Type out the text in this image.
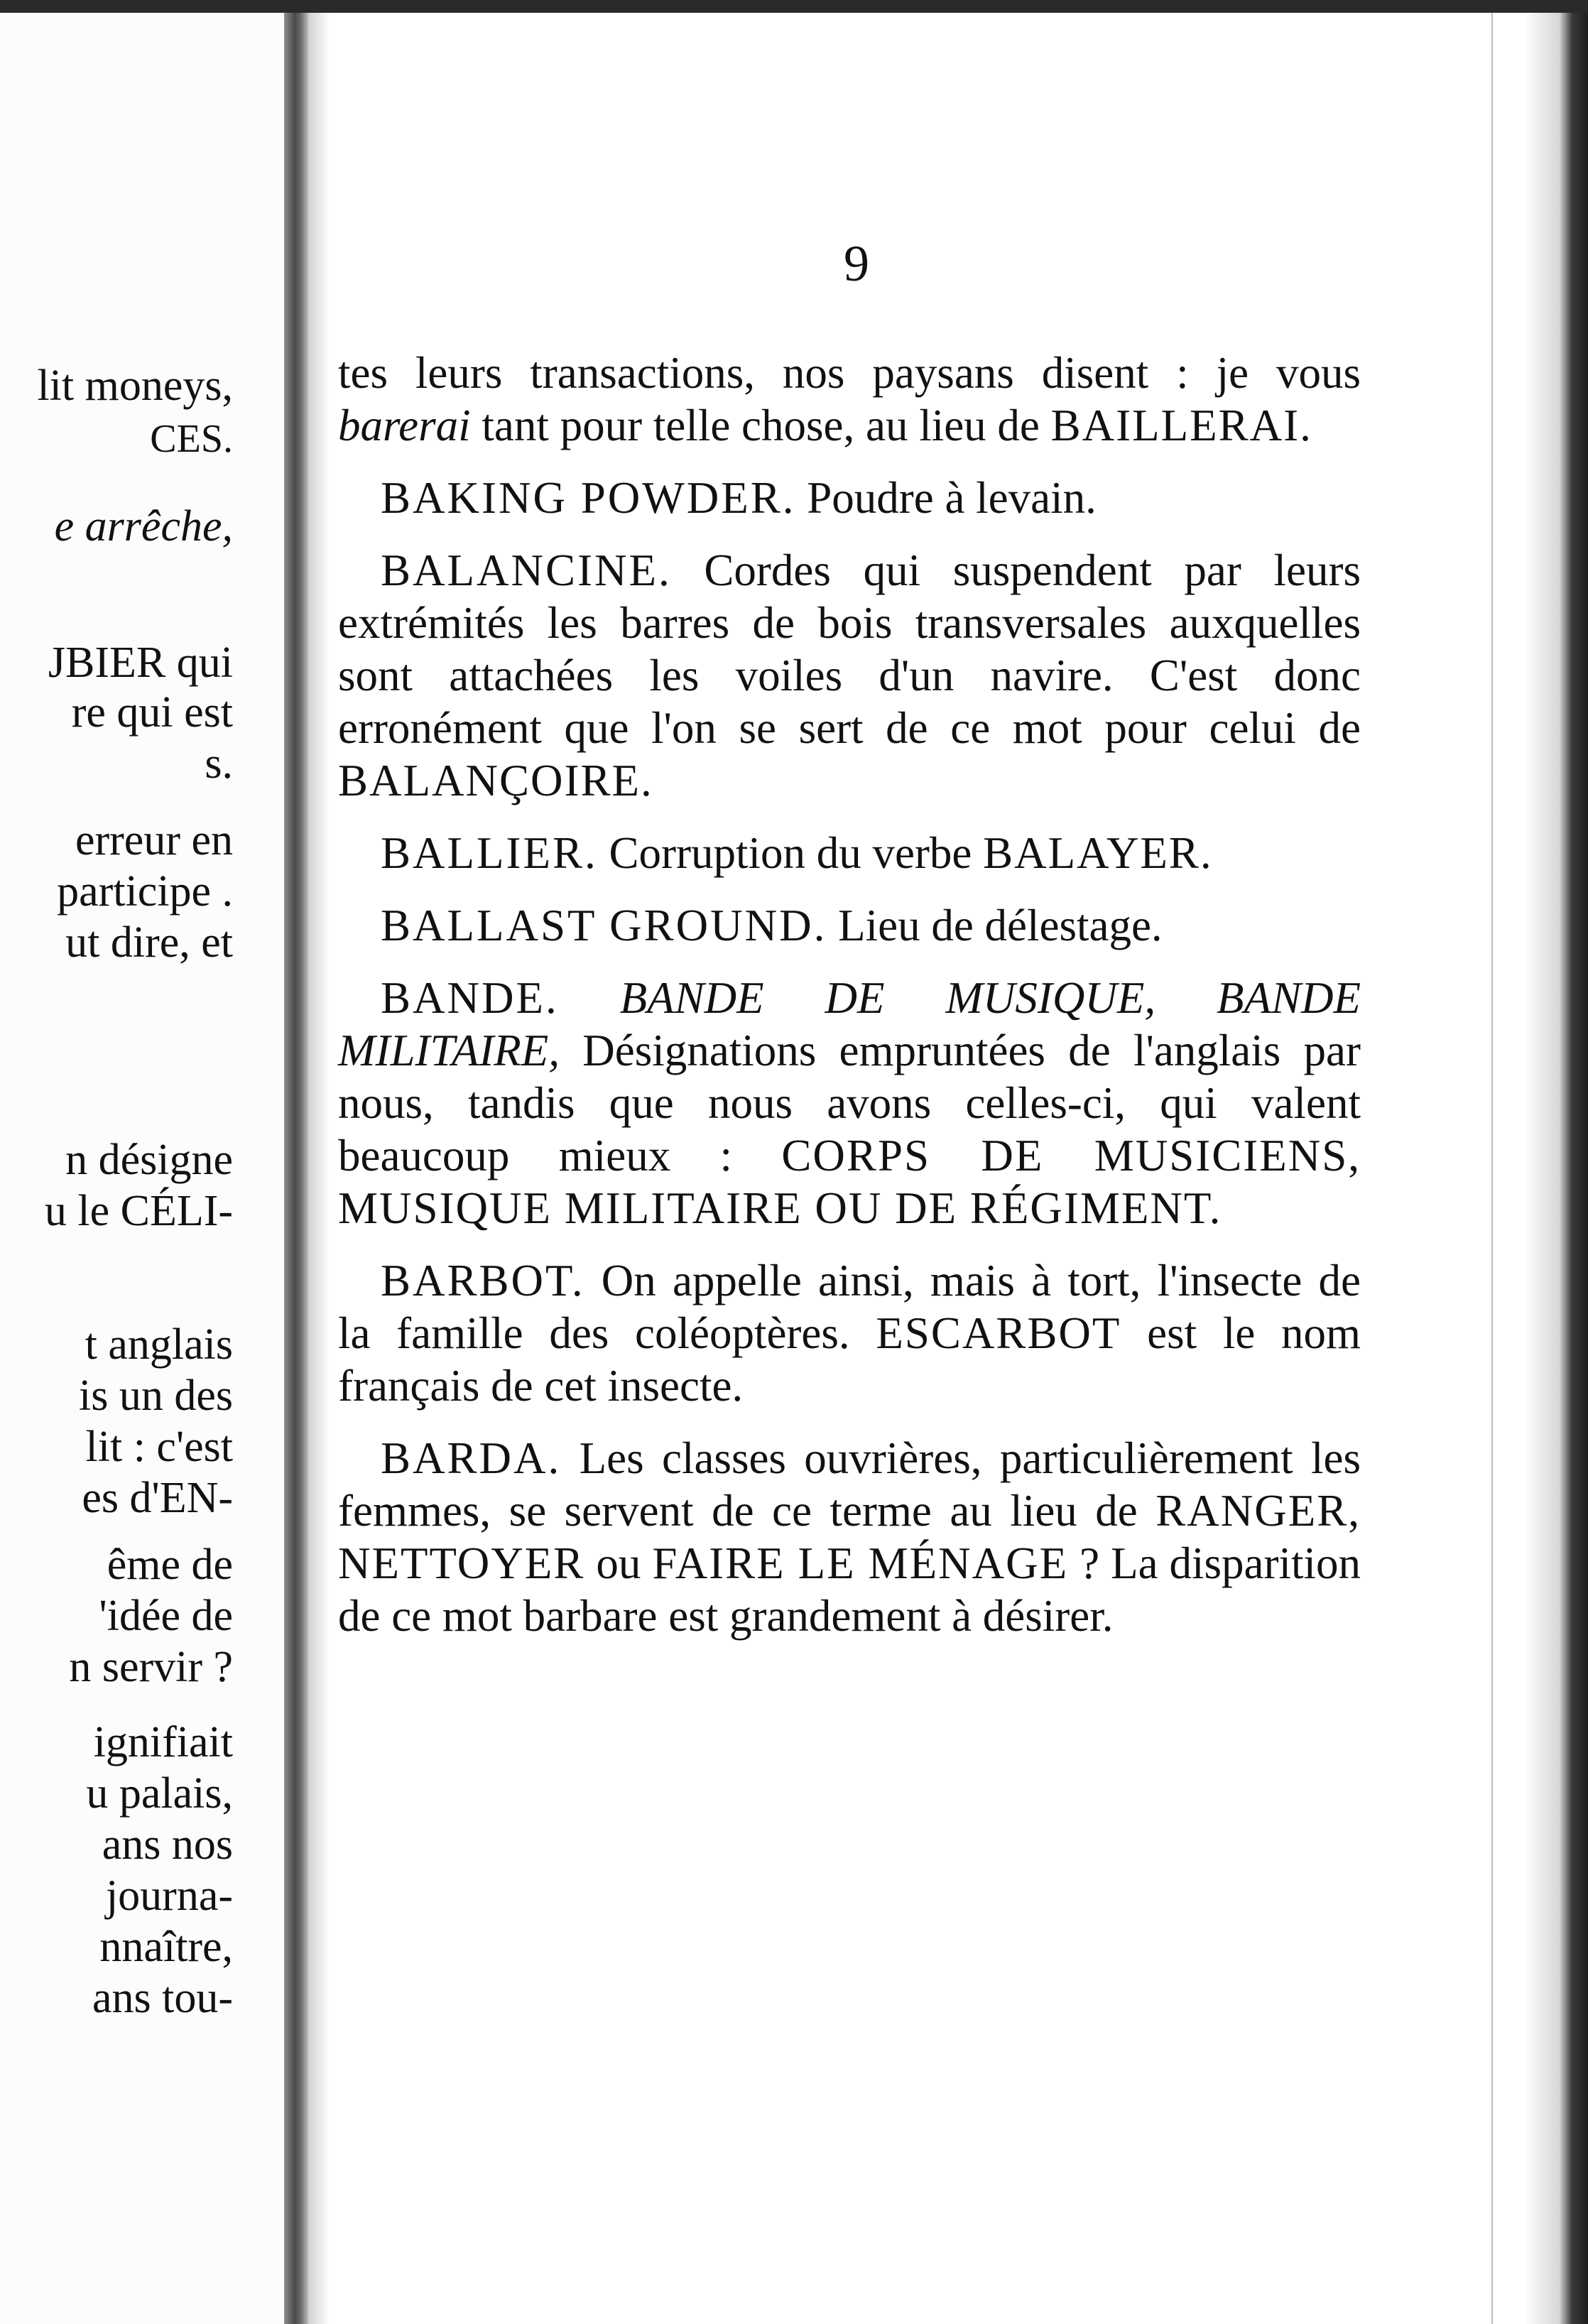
lit moneys,
CES.
e arrêche,
JBIER qui
re qui est
s.
erreur en
participe .
ut dire, et
n désigne
u le CÉLI-
t anglais
is un des
lit : c'est
es d'EN-
ême de
'idée de
n servir ?
ignifiait
u palais,
ans nos
journa-
nnaître,
ans tou-
9

tes leurs transactions, nos paysans disent : je vous barerai tant pour telle chose, au lieu de BAILLERAI.

BAKING POWDER. Poudre à levain.

BALANCINE. Cordes qui suspendent par leurs extrémités les barres de bois transversales auxquelles sont attachées les voiles d'un navire. C'est donc erronément que l'on se sert de ce mot pour celui de BALANÇOIRE.

BALLIER. Corruption du verbe BALAYER.

BALLAST GROUND. Lieu de délestage.

BANDE. BANDE DE MUSIQUE, BANDE MILITAIRE, Désignations empruntées de l'anglais par nous, tandis que nous avons celles-ci, qui valent beaucoup mieux : CORPS DE MUSICIENS, MUSIQUE MILITAIRE OU DE RÉGIMENT.

BARBOT. On appelle ainsi, mais à tort, l'insecte de la famille des coléoptères. ESCARBOT est le nom français de cet insecte.

BARDA. Les classes ouvrières, particulièrement les femmes, se servent de ce terme au lieu de RANGER, NETTOYER ou FAIRE LE MÉNAGE ? La disparition de ce mot barbare est grandement à désirer.
